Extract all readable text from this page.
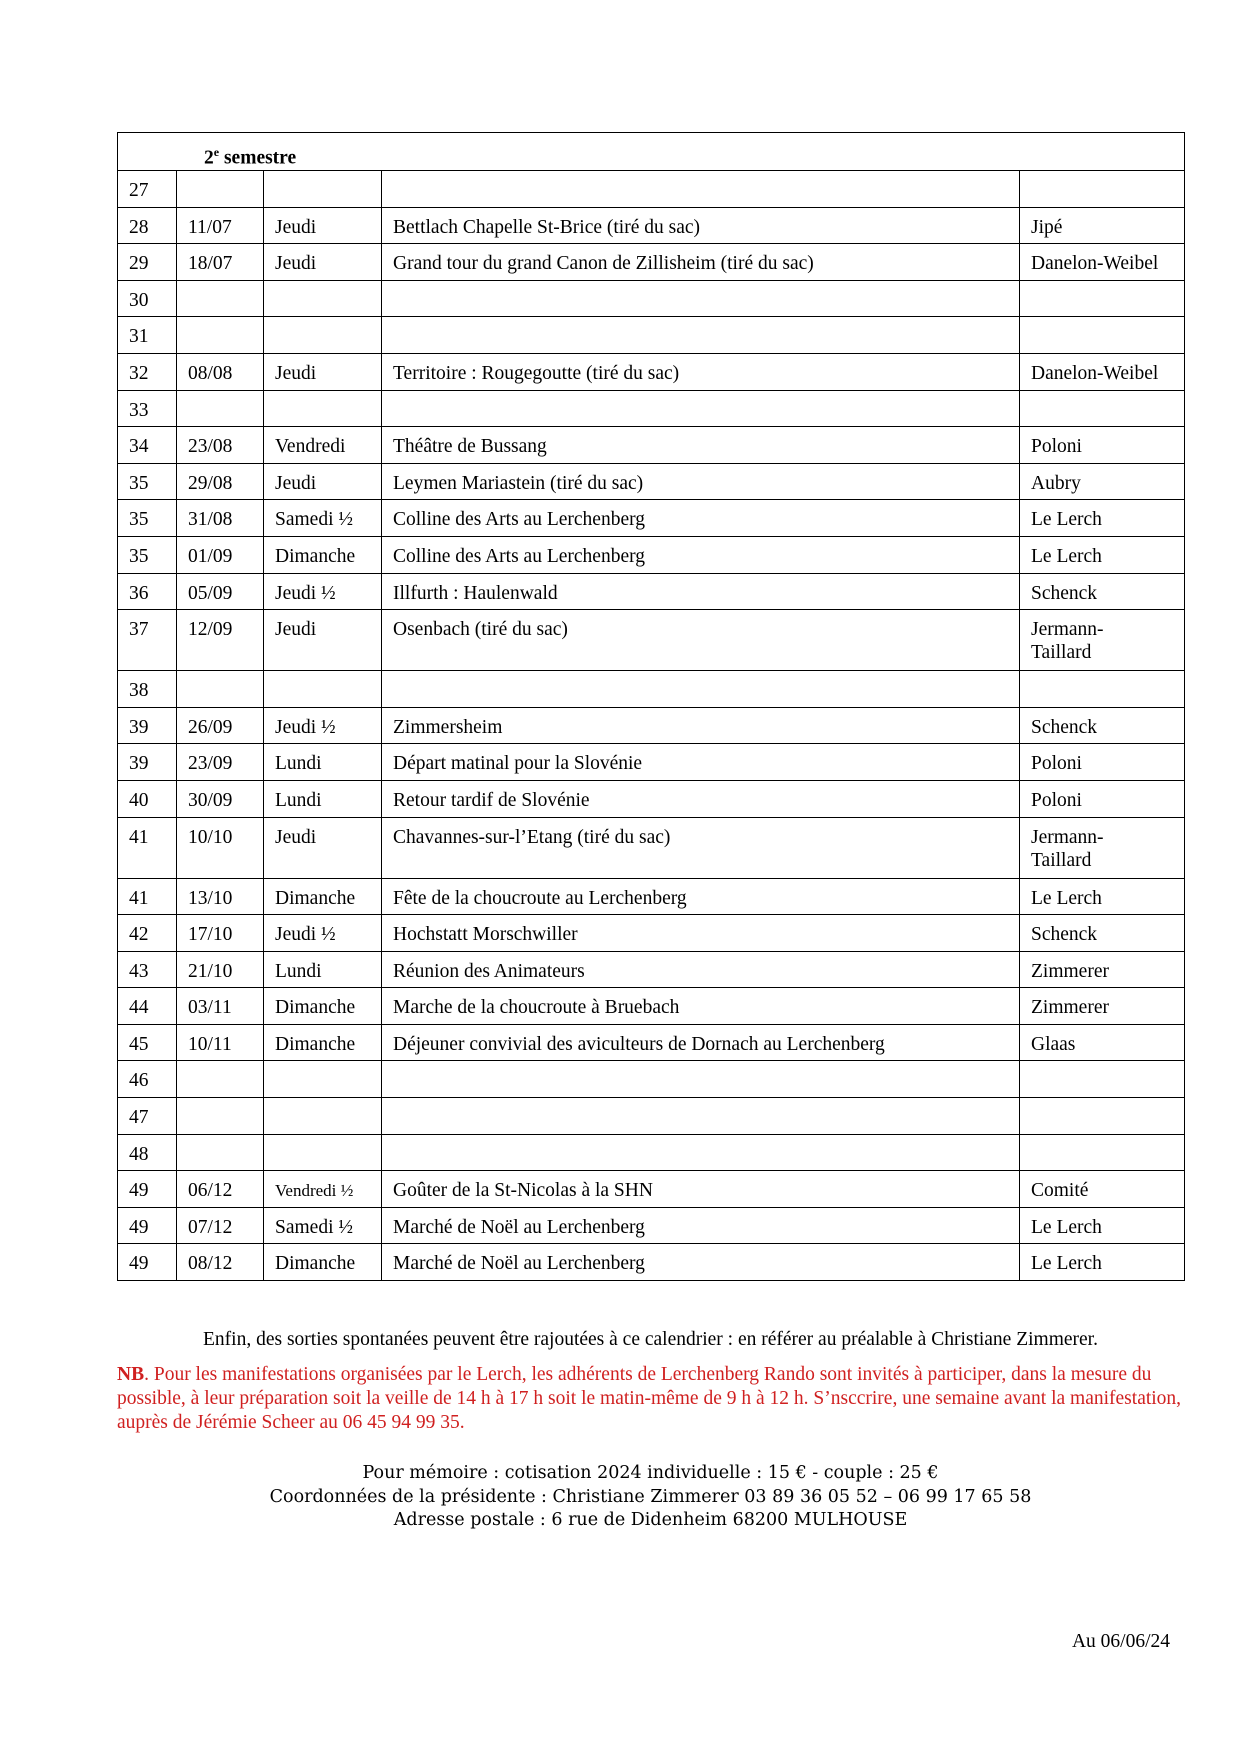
2e semestre				
27				
28	11/07	Jeudi	Bettlach Chapelle St-Brice (tiré du sac)	Jipé
29	18/07	Jeudi	Grand tour du grand Canon de Zillisheim (tiré du sac)	Danelon-Weibel
30				
31				
32	08/08	Jeudi	Territoire : Rougegoutte (tiré du sac)	Danelon-Weibel
33				
34	23/08	Vendredi	Théâtre de Bussang	Poloni
35	29/08	Jeudi	Leymen Mariastein (tiré du sac)	Aubry
35	31/08	Samedi ½	Colline des Arts au Lerchenberg	Le Lerch
35	01/09	Dimanche	Colline des Arts au Lerchenberg	Le Lerch
36	05/09	Jeudi ½	Illfurth : Haulenwald	Schenck
37	12/09	Jeudi	Osenbach (tiré du sac)	Jermann-
Taillard
38				
39	26/09	Jeudi ½	Zimmersheim	Schenck
39	23/09	Lundi	Départ matinal pour la Slovénie	Poloni
40	30/09	Lundi	Retour tardif de Slovénie	Poloni
41	10/10	Jeudi	Chavannes-sur-l’Etang (tiré du sac)	Jermann-
Taillard
41	13/10	Dimanche	Fête de la choucroute au Lerchenberg	Le Lerch
42	17/10	Jeudi ½	Hochstatt Morschwiller	Schenck
43	21/10	Lundi	Réunion des Animateurs	Zimmerer
44	03/11	Dimanche	Marche de la choucroute à Bruebach	Zimmerer
45	10/11	Dimanche	Déjeuner convivial des aviculteurs de Dornach au Lerchenberg	Glaas
46				
47				
48				
49	06/12	Vendredi ½	Goûter de la St-Nicolas à la SHN	Comité
49	07/12	Samedi ½	Marché de Noël au Lerchenberg	Le Lerch
49	08/12	Dimanche	Marché de Noël au Lerchenberg	Le Lerch
Enfin, des sorties spontanées peuvent être rajoutées à ce calendrier : en référer au préalable à Christiane Zimmerer.
NB. Pour les manifestations organisées par le Lerch, les adhérents de Lerchenberg Rando sont invités à participer, dans la mesure du possible, à leur préparation soit la veille de 14 h à 17 h soit le matin-même de 9 h à 12 h. S’nsccrire, une semaine avant la manifestation, auprès de Jérémie Scheer au 06 45 94 99 35.
Pour mémoire : cotisation 2024 individuelle : 15 € - couple : 25 €
Coordonnées de la présidente : Christiane Zimmerer 03 89 36 05 52 – 06 99 17 65 58
Adresse postale : 6 rue de Didenheim 68200 MULHOUSE
Au 06/06/24
